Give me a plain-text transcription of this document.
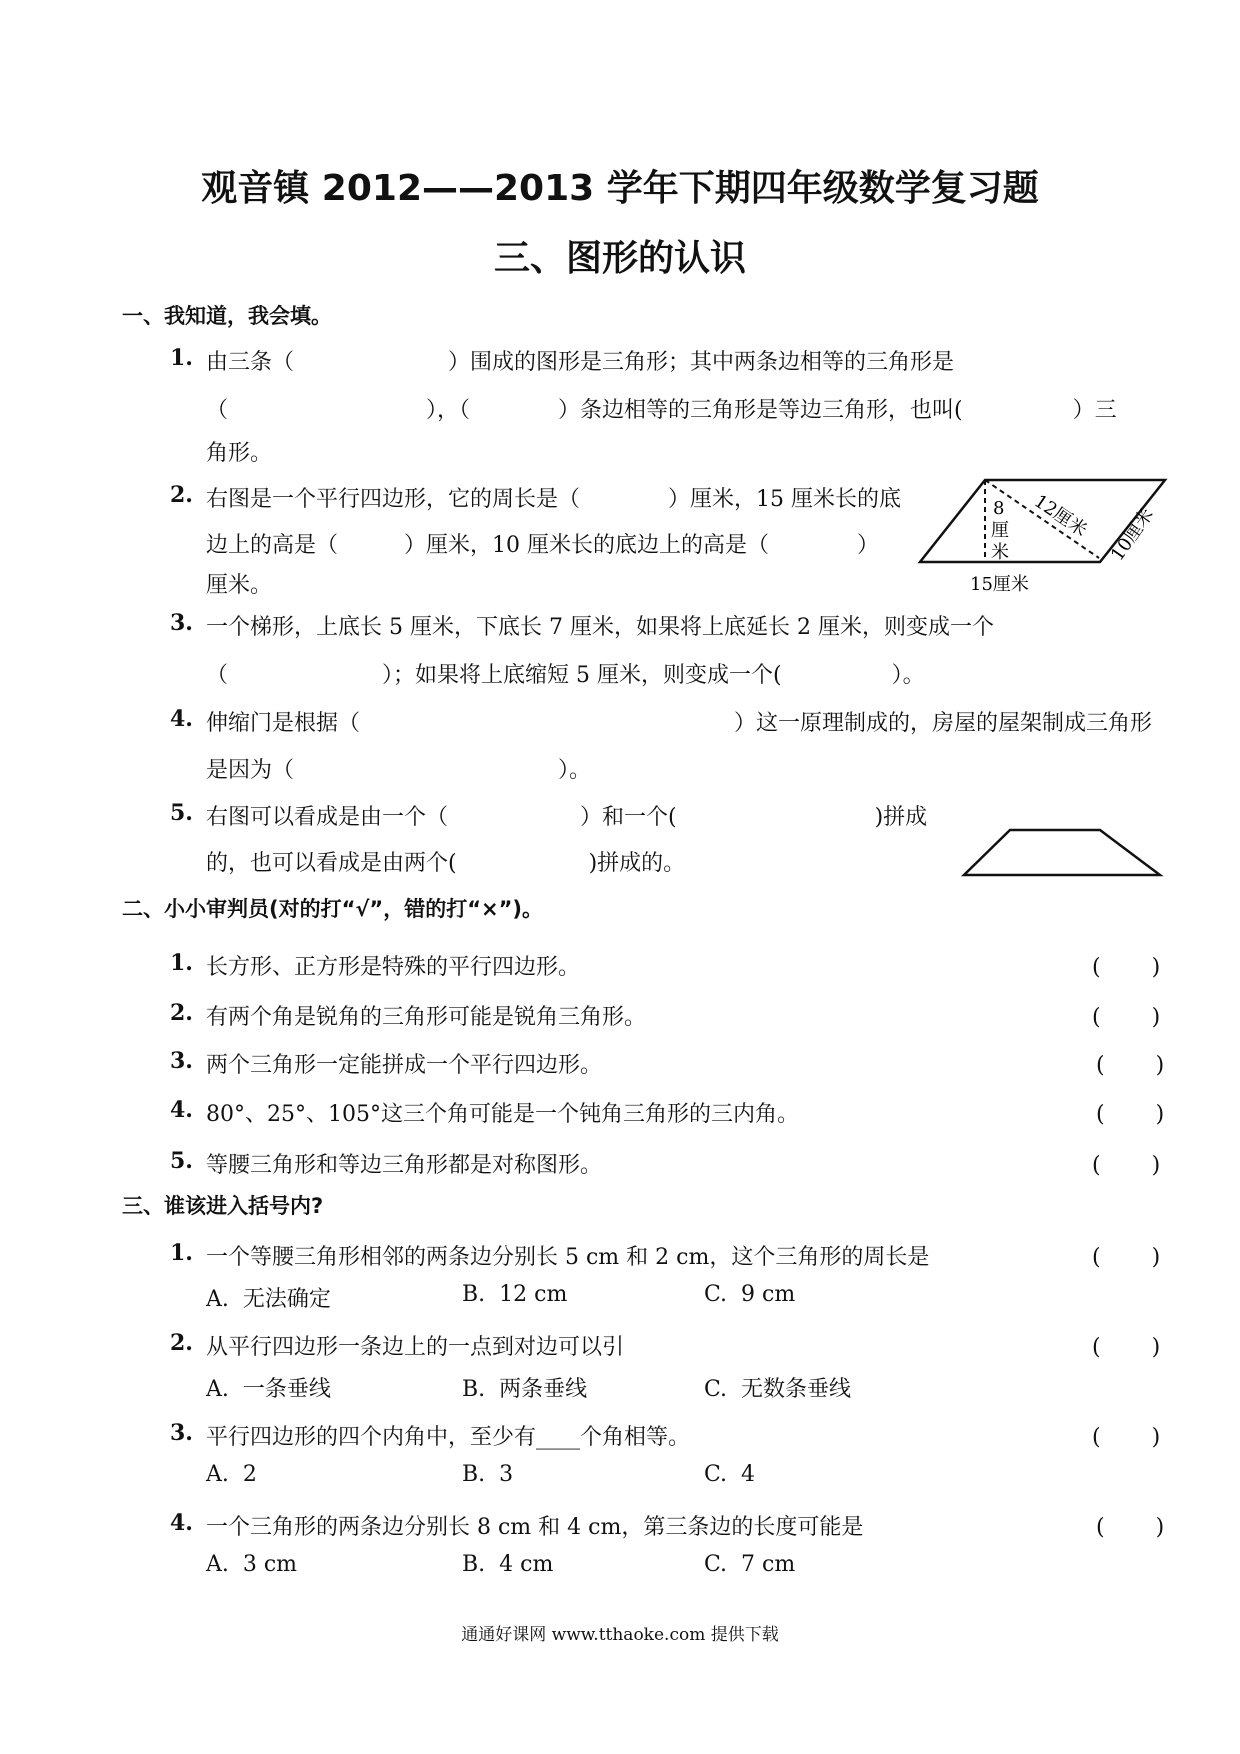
观音镇 2012——2013 学年下期四年级数学复习题
三、图形的认识
一、我知道，我会填。
1. 由三条（　　　　　　　）围成的图形是三角形；其中两条边相等的三角形是
（　　　　　　　　　），（　　　　）条边相等的三角形是等边三角形，也叫(　　　　　）三
角形。
2. 右图是一个平行四边形，它的周长是（　　　　）厘米，15 厘米长的底
边上的高是（　　　）厘米，10 厘米长的底边上的高是（　　　　）
厘米。
8
厘
米
12厘米 10厘米
15厘米
3. 一个梯形，上底长 5 厘米，下底长 7 厘米，如果将上底延长 2 厘米，则变成一个
（　　　　　　　）；如果将上底缩短 5 厘米，则变成一个(　　　　　）。
4. 伸缩门是根据（　　　　　　　　　　　　　　　　　）这一原理制成的，房屋的屋架制成三角形
是因为（　　　　　　　　　　　　）。
5. 右图可以看成是由一个（　　　　　　）和一个(　　　　　　　　　)拼成
的，也可以看成是由两个(　　　　　　)拼成的。
二、小小审判员(对的打“√”，错的打“×”)。
1. 长方形、正方形是特殊的平行四边形。	(　　 )
2. 有两个角是锐角的三角形可能是锐角三角形。	(　　 )
3. 两个三角形一定能拼成一个平行四边形。	(　　 )
4. 80°、25°、105°这三个角可能是一个钝角三角形的三内角。	(　　 )
5. 等腰三角形和等边三角形都是对称图形。	(　　 )
三、谁该进入括号内?
1. 一个等腰三角形相邻的两条边分别长 5 cm 和 2 cm，这个三角形的周长是	(　　 )
A.  无法确定	B.  12 cm	C.  9 cm
2. 从平行四边形一条边上的一点到对边可以引	(　　 )
A.  一条垂线	B.  两条垂线	C.  无数条垂线
3. 平行四边形的四个内角中，至少有____个角相等。	(　　 )
A.  2	B.  3	C.  4
4. 一个三角形的两条边分别长 8 cm 和 4 cm，第三条边的长度可能是	(　　 )
A.  3 cm	B.  4 cm	C.  7 cm
通通好课网 www.tthaoke.com 提供下载
